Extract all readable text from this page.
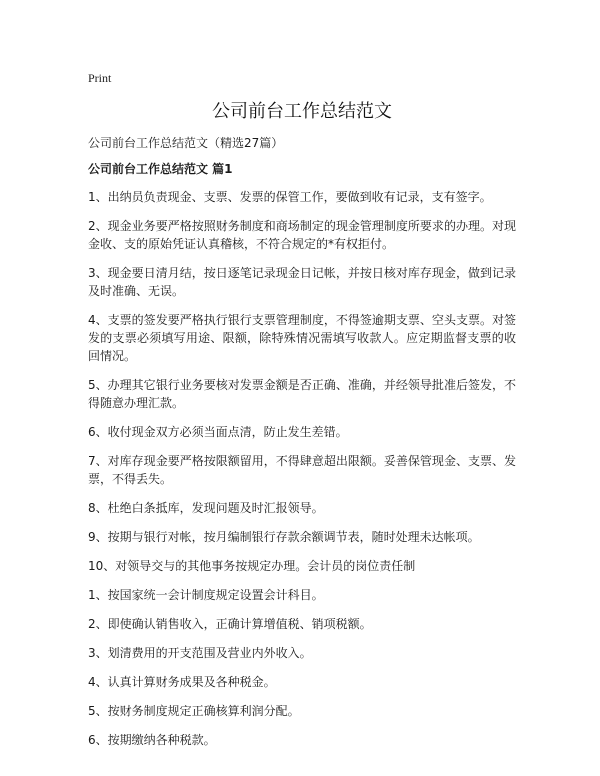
Print
公司前台工作总结范文

公司前台工作总结范文（精选27篇）

公司前台工作总结范文 篇1

1、出纳员负责现金、支票、发票的保管工作，要做到收有记录，支有签字。

2、现金业务要严格按照财务制度和商场制定的现金管理制度所要求的办理。对现金收、支的原始凭证认真稽核，不符合规定的*有权拒付。

3、现金要日清月结，按日逐笔记录现金日记帐，并按日核对库存现金，做到记录及时准确、无误。

4、支票的签发要严格执行银行支票管理制度，不得签逾期支票、空头支票。对签发的支票必须填写用途、限额，除特殊情况需填写收款人。应定期监督支票的收回情况。

5、办理其它银行业务要核对发票金额是否正确、准确，并经领导批准后签发，不得随意办理汇款。

6、收付现金双方必须当面点清，防止发生差错。

7、对库存现金要严格按限额留用，不得肆意超出限额。妥善保管现金、支票、发票，不得丢失。

8、杜绝白条抵库，发现问题及时汇报领导。

9、按期与银行对帐，按月编制银行存款余额调节表，随时处理未达帐项。

10、对领导交与的其他事务按规定办理。会计员的岗位责任制

1、按国家统一会计制度规定设置会计科目。

2、即使确认销售收入，正确计算增值税、销项税额。

3、划清费用的开支范围及营业内外收入。

4、认真计算财务成果及各种税金。

5、按财务制度规定正确核算利润分配。

6、按期缴纳各种税款。
